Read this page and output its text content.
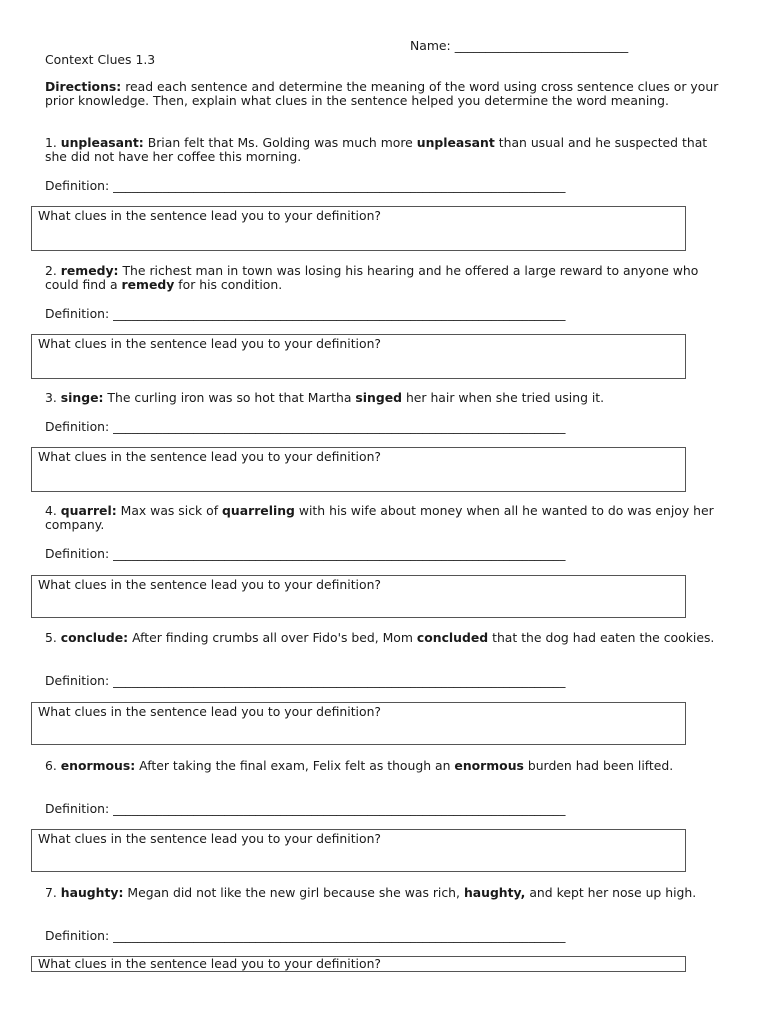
Name: ____________________________
Context Clues 1.3
Directions: read each sentence and determine the meaning of the word using cross sentence clues or your prior knowledge. Then, explain what clues in the sentence helped you determine the word meaning.
1. unpleasant: Brian felt that Ms. Golding was much more unpleasant than usual and he suspected that she did not have her coffee this morning.
Definition: _________________________________________________________________________
What clues in the sentence lead you to your definition?
2. remedy: The richest man in town was losing his hearing and he offered a large reward to anyone who could find a remedy for his condition.
Definition: _________________________________________________________________________
What clues in the sentence lead you to your definition?
3. singe: The curling iron was so hot that Martha singed her hair when she tried using it.
Definition: _________________________________________________________________________
What clues in the sentence lead you to your definition?
4. quarrel: Max was sick of quarreling with his wife about money when all he wanted to do was enjoy her company.
Definition: _________________________________________________________________________
What clues in the sentence lead you to your definition?
5. conclude: After finding crumbs all over Fido's bed, Mom concluded that the dog had eaten the cookies.
Definition: _________________________________________________________________________
What clues in the sentence lead you to your definition?
6. enormous: After taking the final exam, Felix felt as though an enormous burden had been lifted.
Definition: _________________________________________________________________________
What clues in the sentence lead you to your definition?
7. haughty: Megan did not like the new girl because she was rich, haughty, and kept her nose up high.
Definition: _________________________________________________________________________
What clues in the sentence lead you to your definition?
